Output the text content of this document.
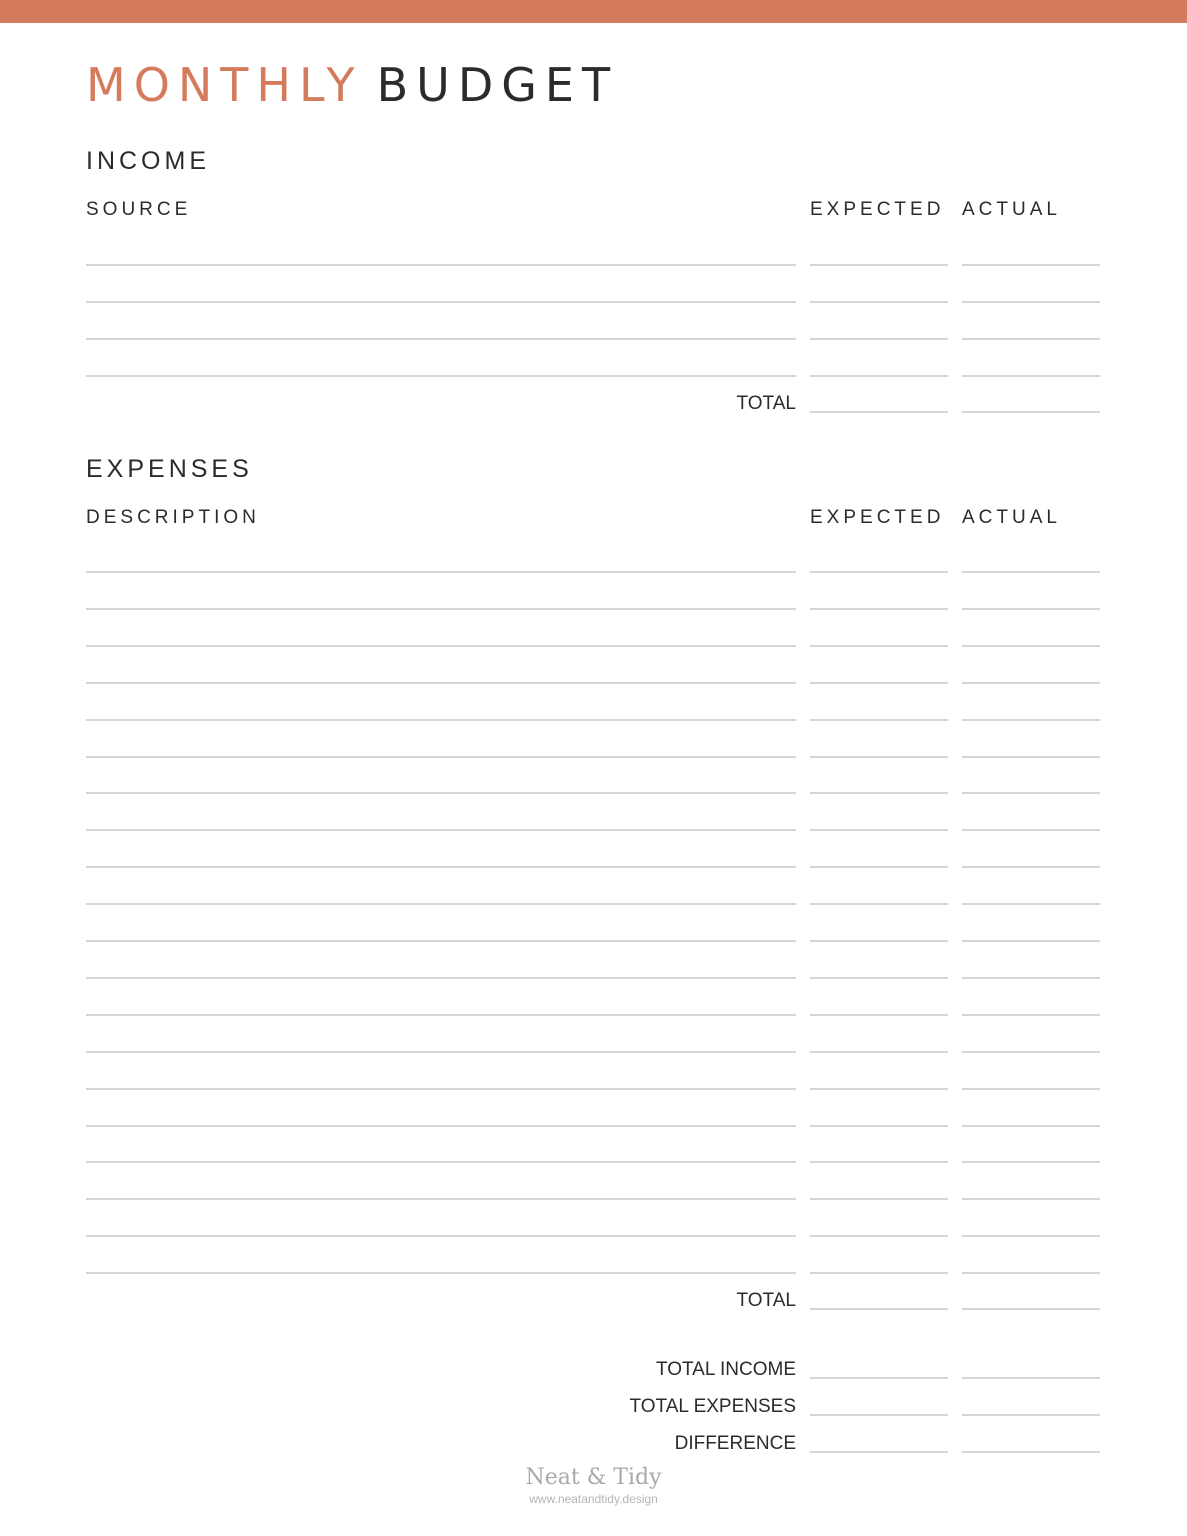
MONTHLY BUDGET
INCOME
SOURCE	EXPECTED ACTUAL
TOTAL
EXPENSES
DESCRIPTION	EXPECTED ACTUAL
TOTAL
TOTAL INCOME
TOTAL EXPENSES
DIFFERENCE
Neat & Tidy
www.neatandtidy.design
